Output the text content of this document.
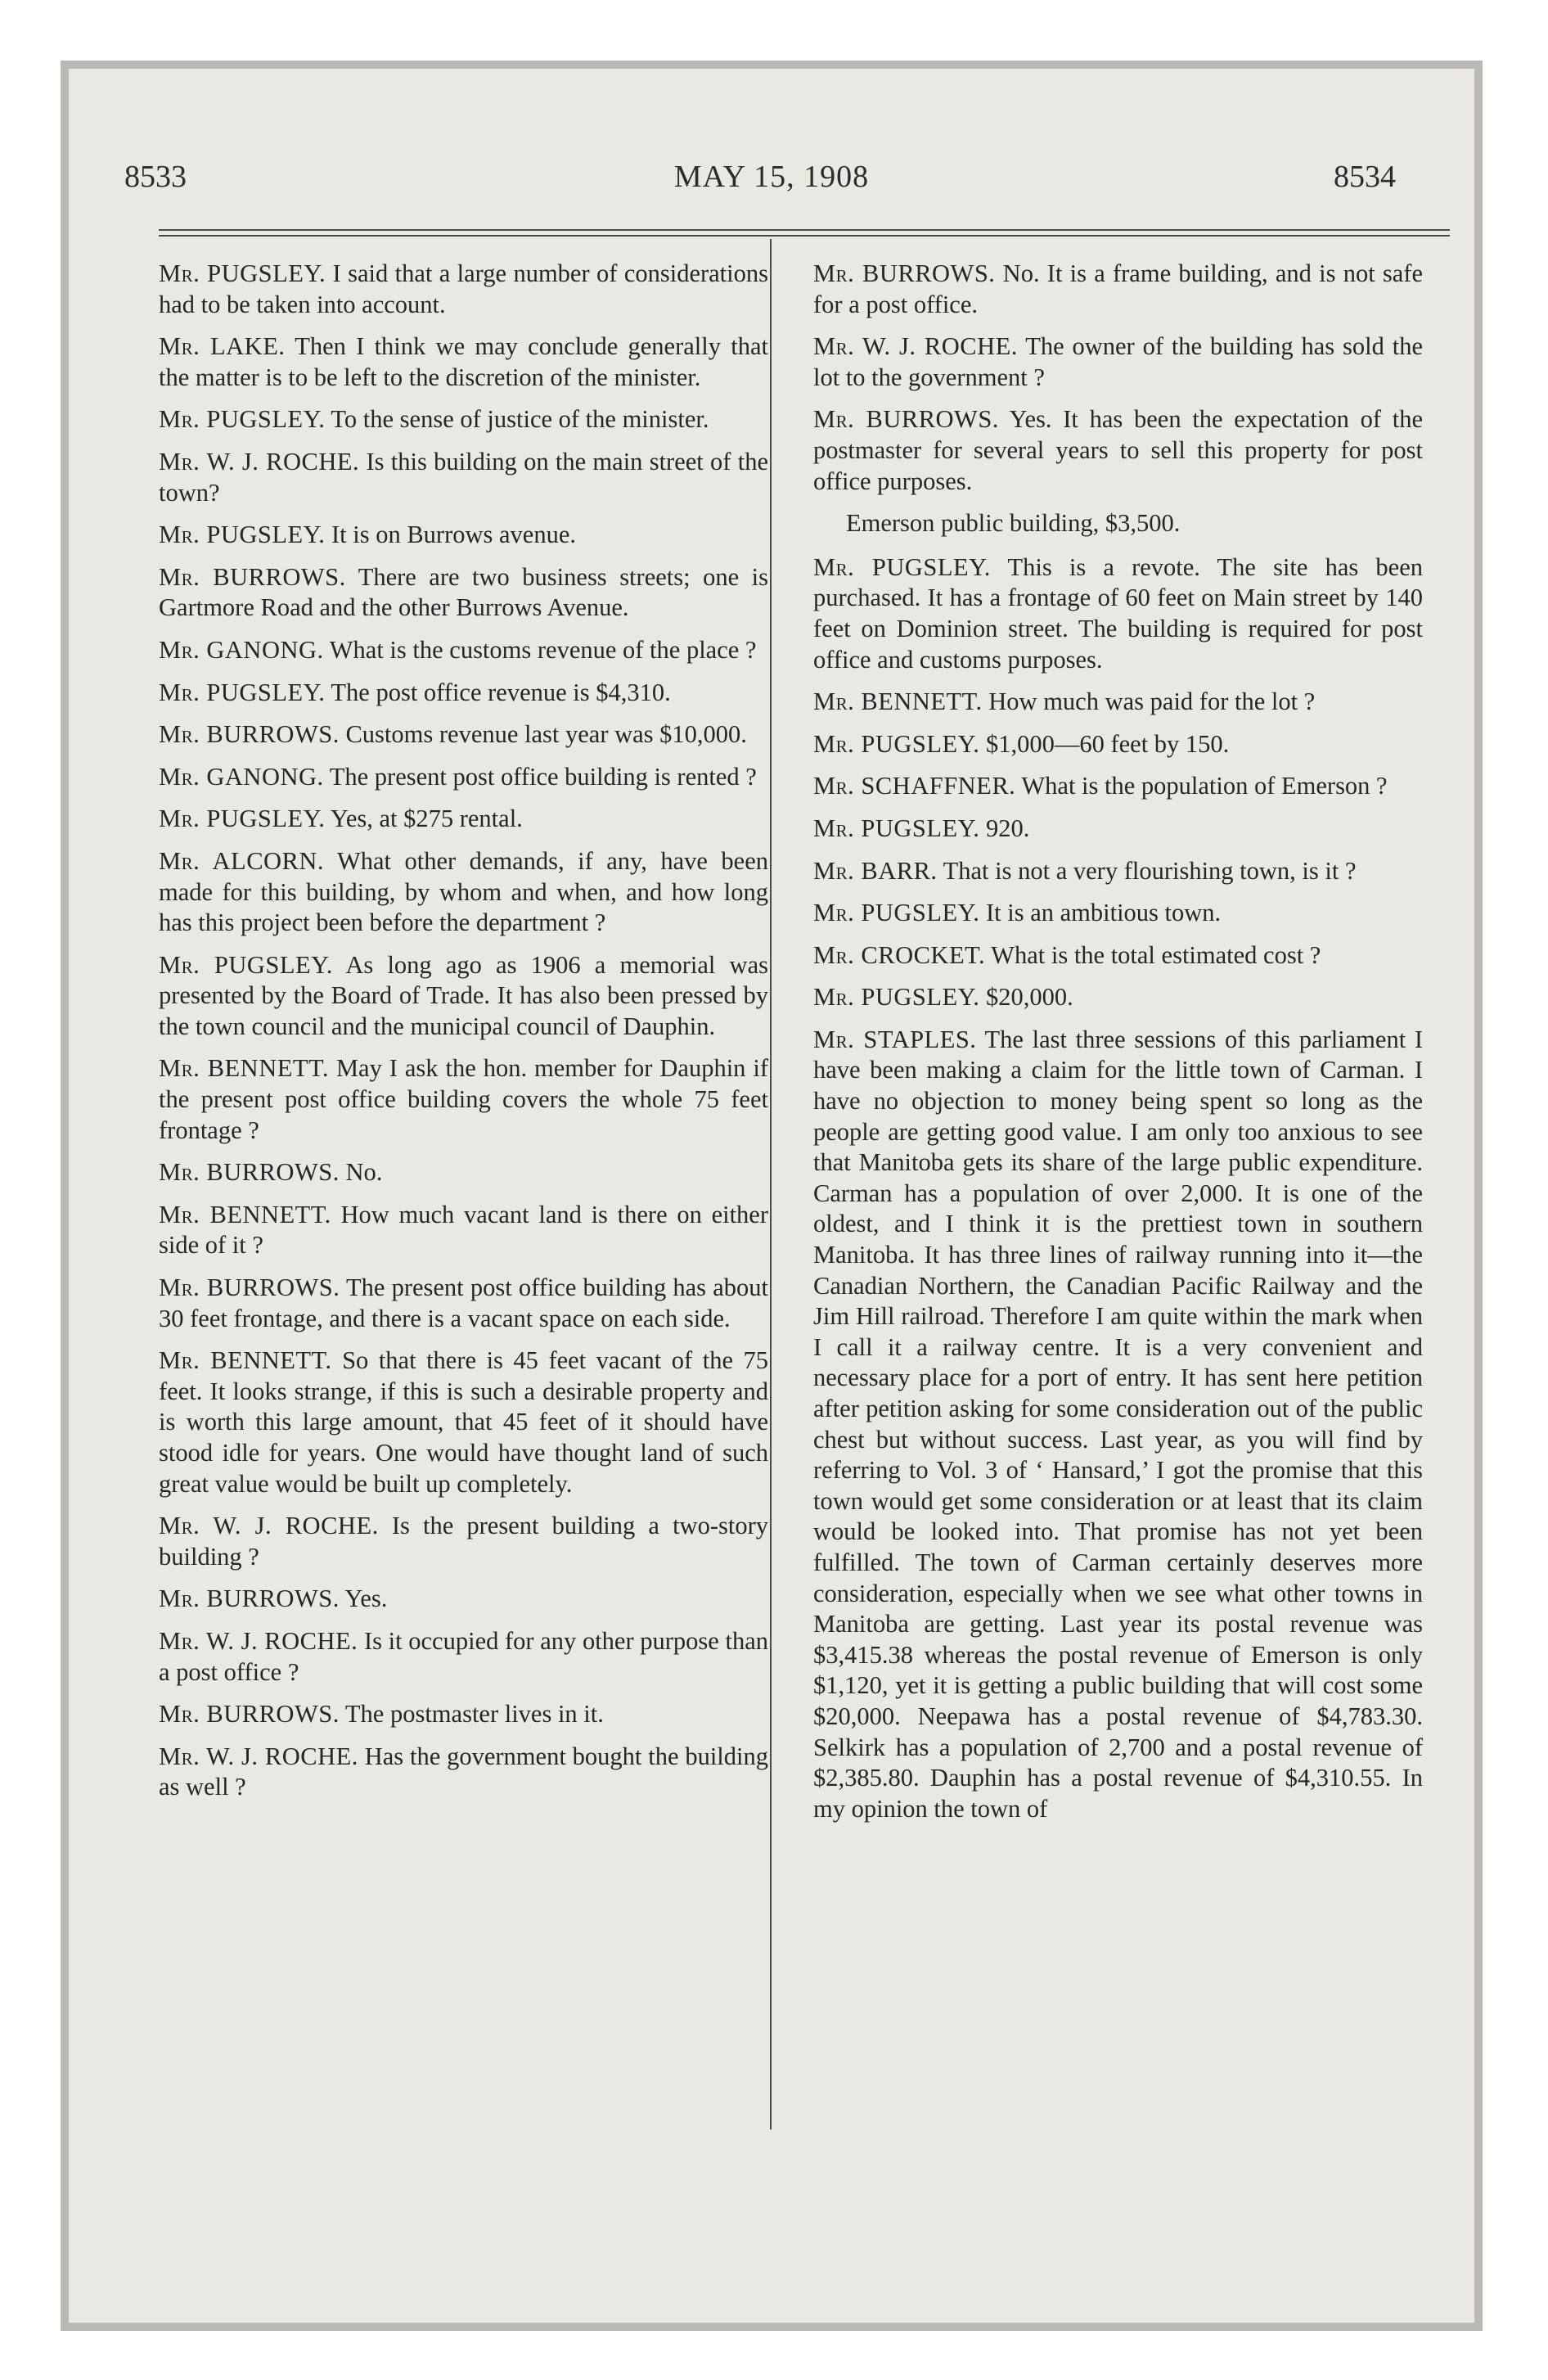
8533	MAY 15, 1908	8534

Mr. PUGSLEY. I said that a large number of considerations had to be taken into account.

Mr. LAKE. Then I think we may conclude generally that the matter is to be left to the discretion of the minister.

Mr. PUGSLEY. To the sense of justice of the minister.

Mr. W. J. ROCHE. Is this building on the main street of the town?

Mr. PUGSLEY. It is on Burrows avenue.

Mr. BURROWS. There are two business streets; one is Gartmore Road and the other Burrows Avenue.

Mr. GANONG. What is the customs revenue of the place ?

Mr. PUGSLEY. The post office revenue is $4,310.

Mr. BURROWS. Customs revenue last year was $10,000.

Mr. GANONG. The present post office building is rented ?

Mr. PUGSLEY. Yes, at $275 rental.

Mr. ALCORN. What other demands, if any, have been made for this building, by whom and when, and how long has this project been before the department ?

Mr. PUGSLEY. As long ago as 1906 a memorial was presented by the Board of Trade. It has also been pressed by the town council and the municipal council of Dauphin.

Mr. BENNETT. May I ask the hon. member for Dauphin if the present post office building covers the whole 75 feet frontage ?

Mr. BURROWS. No.

Mr. BENNETT. How much vacant land is there on either side of it ?

Mr. BURROWS. The present post office building has about 30 feet frontage, and there is a vacant space on each side.

Mr. BENNETT. So that there is 45 feet vacant of the 75 feet. It looks strange, if this is such a desirable property and is worth this large amount, that 45 feet of it should have stood idle for years. One would have thought land of such great value would be built up completely.

Mr. W. J. ROCHE. Is the present building a two-story building ?

Mr. BURROWS. Yes.

Mr. W. J. ROCHE. Is it occupied for any other purpose than a post office ?

Mr. BURROWS. The postmaster lives in it.

Mr. W. J. ROCHE. Has the government bought the building as well ?

Mr. BURROWS. No. It is a frame building, and is not safe for a post office.

Mr. W. J. ROCHE. The owner of the building has sold the lot to the government ?

Mr. BURROWS. Yes. It has been the expectation of the postmaster for several years to sell this property for post office purposes.

Emerson public building, $3,500.

Mr. PUGSLEY. This is a revote. The site has been purchased. It has a frontage of 60 feet on Main street by 140 feet on Dominion street. The building is required for post office and customs purposes.

Mr. BENNETT. How much was paid for the lot ?

Mr. PUGSLEY. $1,000—60 feet by 150.

Mr. SCHAFFNER. What is the population of Emerson ?

Mr. PUGSLEY. 920.

Mr. BARR. That is not a very flourishing town, is it ?

Mr. PUGSLEY. It is an ambitious town.

Mr. CROCKET. What is the total estimated cost ?

Mr. PUGSLEY. $20,000.

Mr. STAPLES. The last three sessions of this parliament I have been making a claim for the little town of Carman. I have no objection to money being spent so long as the people are getting good value. I am only too anxious to see that Manitoba gets its share of the large public expenditure. Carman has a population of over 2,000. It is one of the oldest, and I think it is the prettiest town in southern Manitoba. It has three lines of railway running into it—the Canadian Northern, the Canadian Pacific Railway and the Jim Hill railroad. Therefore I am quite within the mark when I call it a railway centre. It is a very convenient and necessary place for a port of entry. It has sent here petition after petition asking for some consideration out of the public chest but without success. Last year, as you will find by referring to Vol. 3 of ‘ Hansard,’ I got the promise that this town would get some consideration or at least that its claim would be looked into. That promise has not yet been fulfilled. The town of Carman certainly deserves more consideration, especially when we see what other towns in Manitoba are getting. Last year its postal revenue was $3,415.38 whereas the postal revenue of Emerson is only $1,120, yet it is getting a public building that will cost some $20,000. Neepawa has a postal revenue of $4,783.30. Selkirk has a population of 2,700 and a postal revenue of $2,385.80. Dauphin has a postal revenue of $4,310.55. In my opinion the town of
